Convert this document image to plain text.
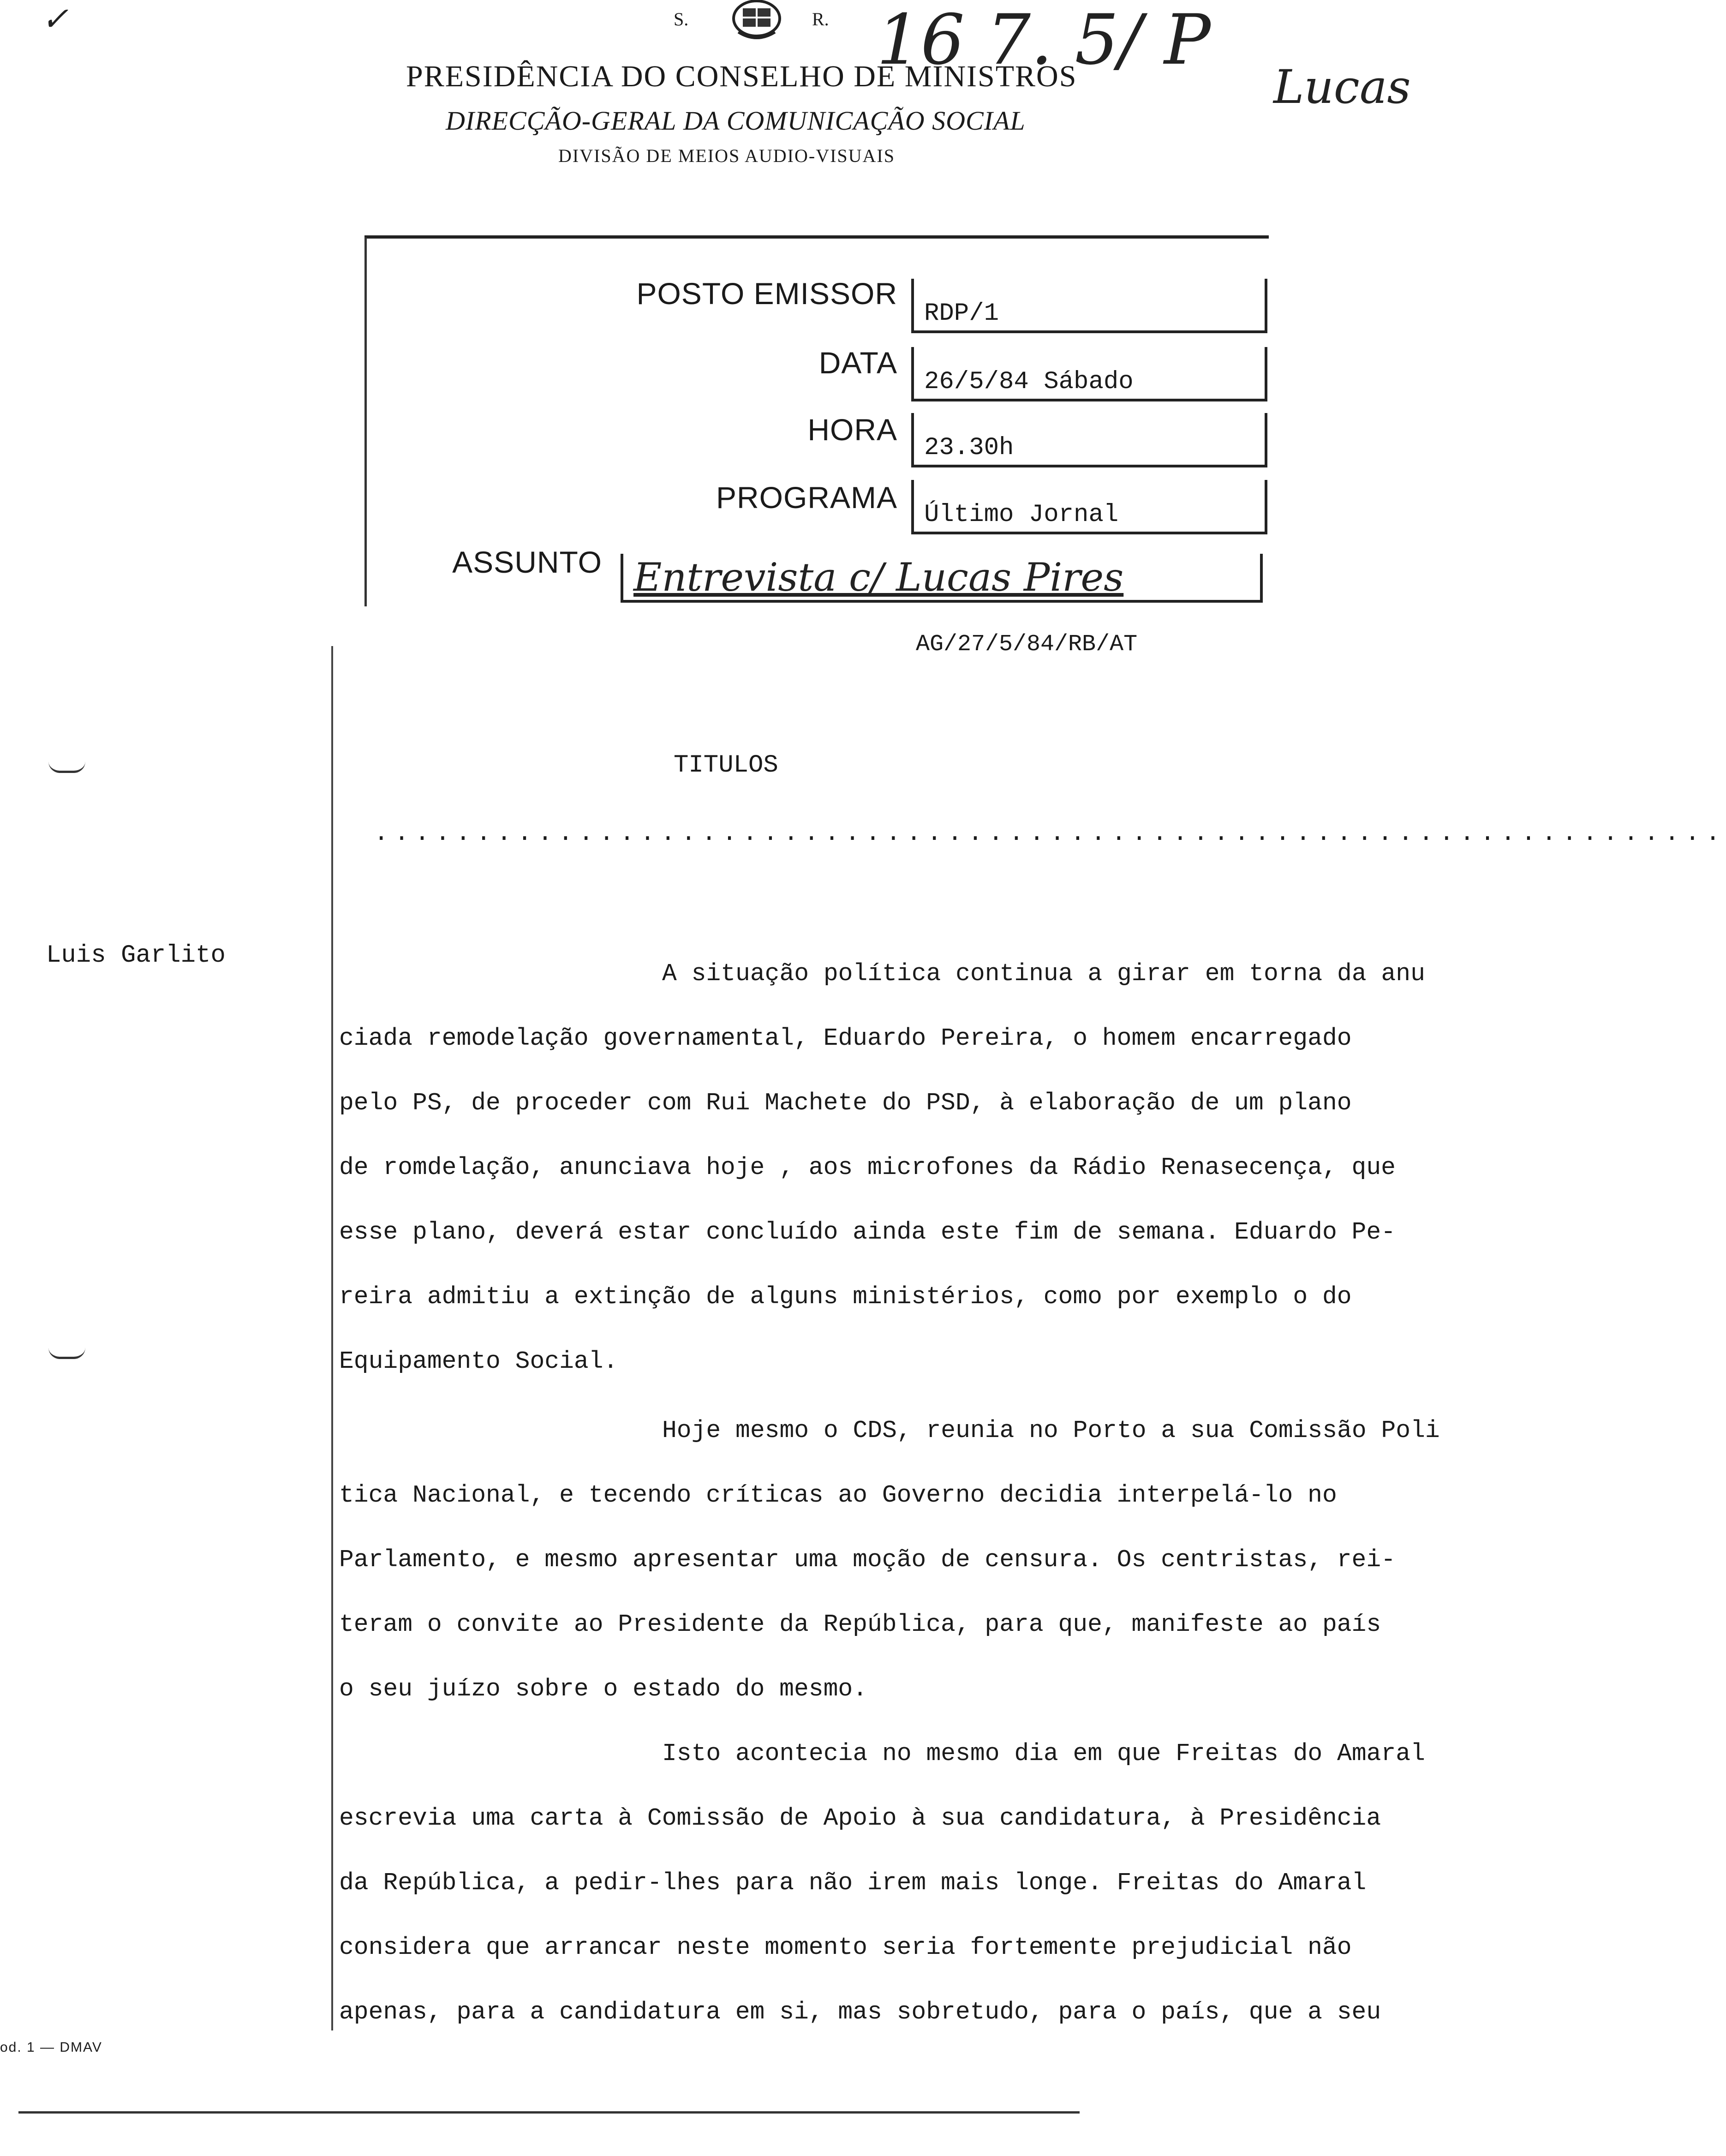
✓	16 7. 5/ P
Lucas
S.	R.
PRESIDÊNCIA DO CONSELHO DE MINISTROS
DIRECÇÃO-GERAL DA COMUNICAÇÃO SOCIAL
DIVISÃO DE MEIOS AUDIO-VISUAIS
POSTO EMISSOR
RDP/1
DATA
26/5/84 Sábado
HORA
23.30h
PROGRAMA
Último Jornal
ASSUNTO Entrevista c/ Lucas Pires
AG/27/5/84/RB/AT
TITULOS
..................................................................
Luis Garlito
A situação política continua a girar em torna da anu
ciada remodelação governamental, Eduardo Pereira, o homem encarregado
pelo PS, de proceder com Rui Machete do PSD, à elaboração de um plano
de romdelação, anunciava hoje , aos microfones da Rádio Renasecença, que
esse plano, deverá estar concluído ainda este fim de semana. Eduardo Pe-
reira admitiu a extinção de alguns ministérios, como por exemplo o do
Equipamento Social.
Hoje mesmo o CDS, reunia no Porto a sua Comissão Poli
tica Nacional, e tecendo críticas ao Governo decidia interpelá-lo no
Parlamento, e mesmo apresentar uma moção de censura. Os centristas, rei-
teram o convite ao Presidente da República, para que, manifeste ao país
o seu juízo sobre o estado do mesmo.
Isto acontecia no mesmo dia em que Freitas do Amaral
escrevia uma carta à Comissão de Apoio à sua candidatura, à Presidência
da República, a pedir-lhes para não irem mais longe. Freitas do Amaral
considera que arrancar neste momento seria fortemente prejudicial não
apenas, para a candidatura em si, mas sobretudo, para o país, que a seu
od. 1 — DMAV
